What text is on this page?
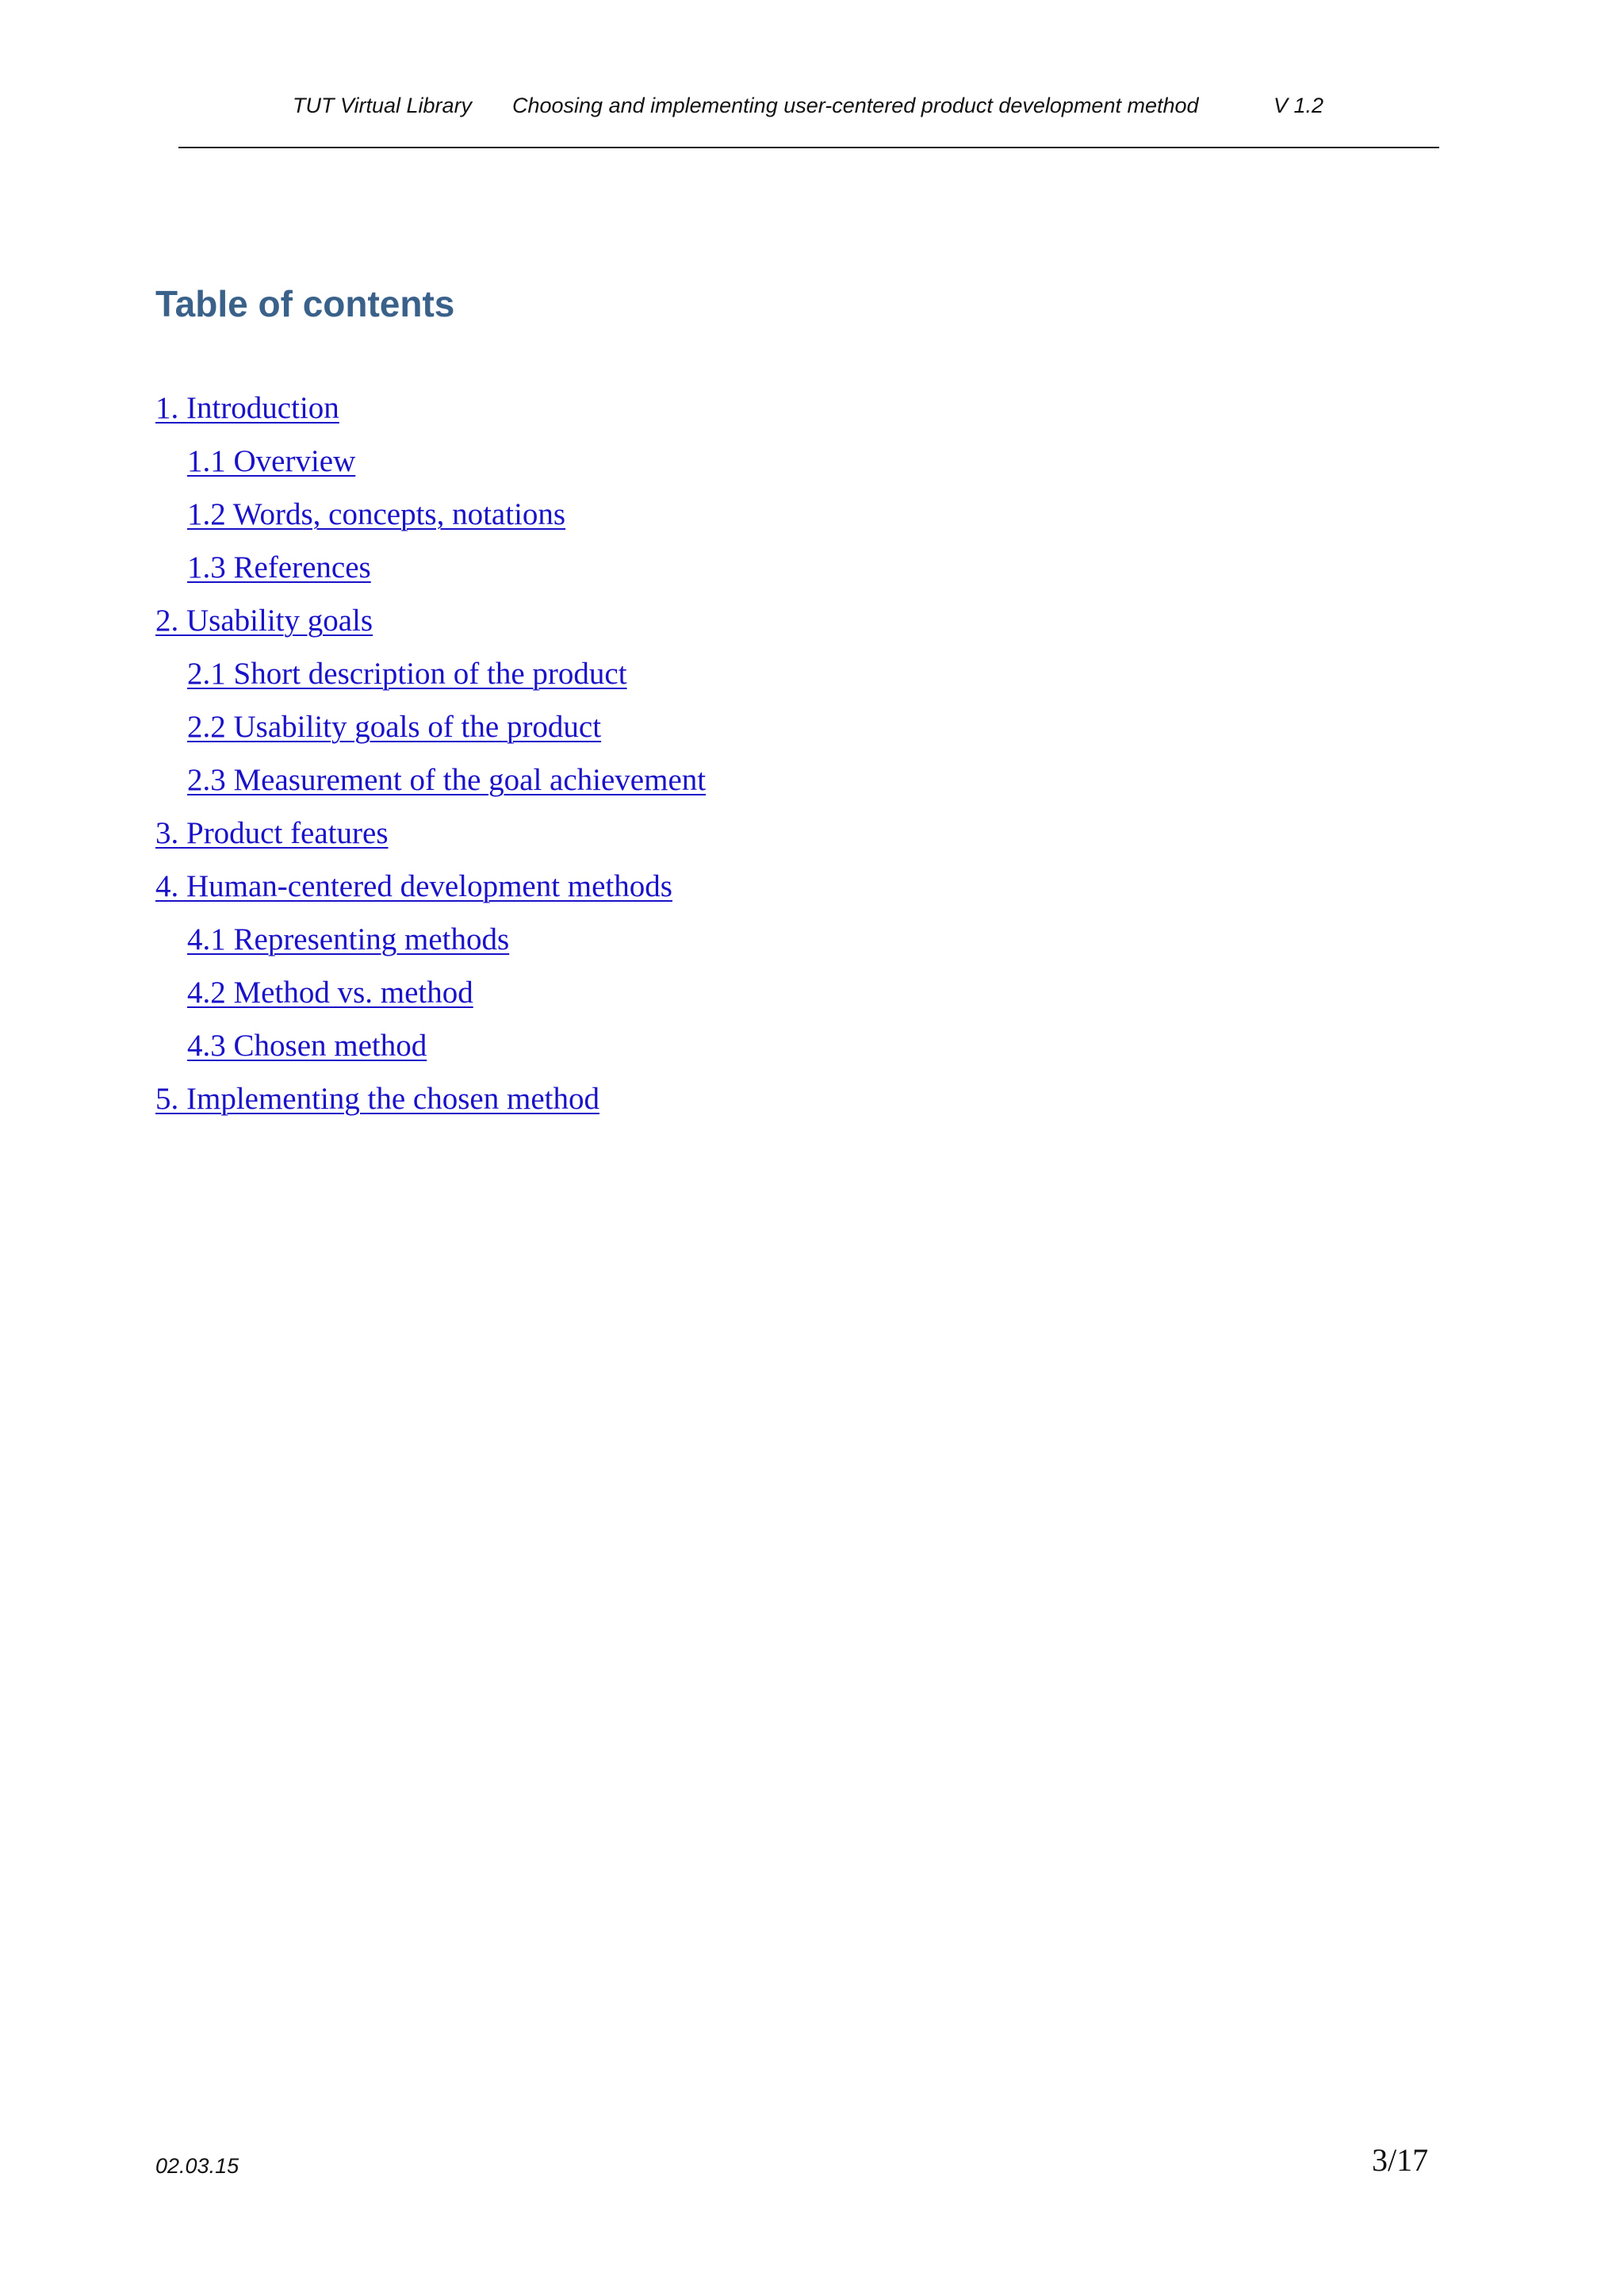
TUT Virtual Library Choosing and implementing user-centered product development method	V 1.2
Table of contents
1. Introduction
1.1 Overview
1.2 Words, concepts, notations
1.3 References
2. Usability goals
2.1 Short description of the product
2.2 Usability goals of the product
2.3 Measurement of the goal achievement
3. Product features
4. Human-centered development methods
4.1 Representing methods
4.2 Method vs. method
4.3 Chosen method
5. Implementing the chosen method
02.03.15	3/17
